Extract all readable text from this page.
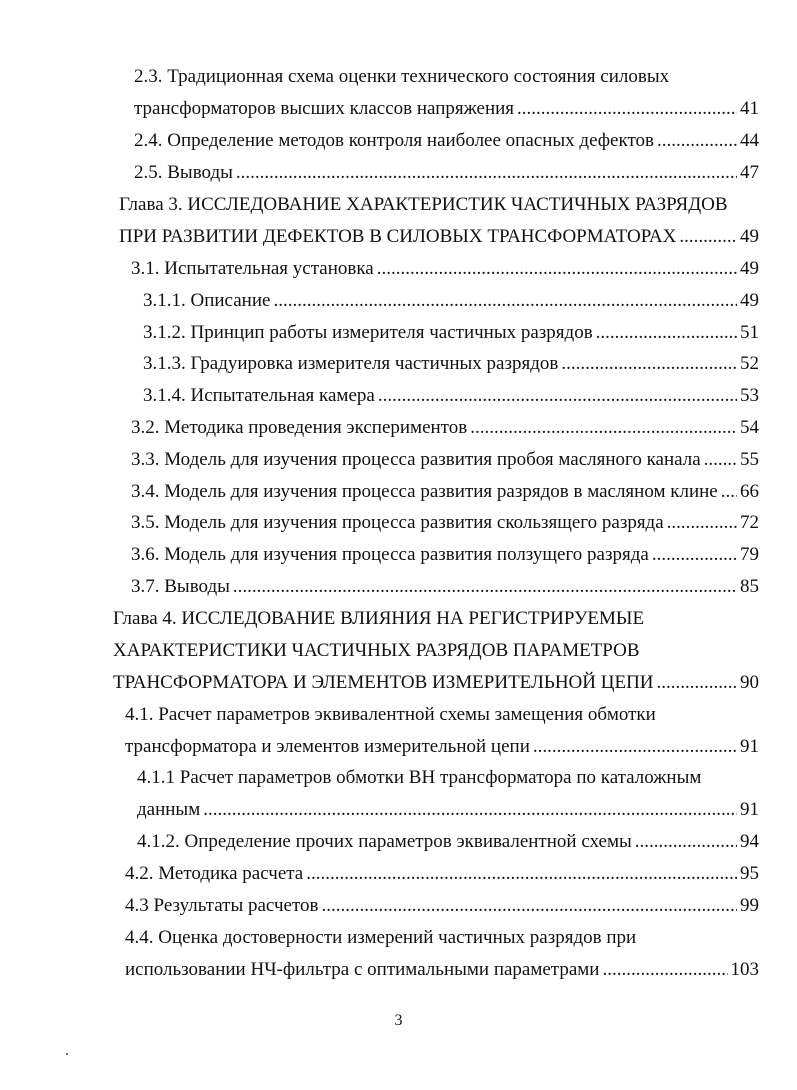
2.3. Традиционная схема оценки технического состояния силовых
трансформаторов высших классов напряжения .....	41
2.4. Определение методов контроля наиболее опасных дефектов .....	44
2.5. Выводы .....	47
Глава 3. ИССЛЕДОВАНИЕ ХАРАКТЕРИСТИК ЧАСТИЧНЫХ РАЗРЯДОВ
ПРИ РАЗВИТИИ ДЕФЕКТОВ В СИЛОВЫХ ТРАНСФОРМАТОРАХ .....	49
3.1. Испытательная установка .....	49
3.1.1. Описание .....	49
3.1.2. Принцип работы измерителя частичных разрядов .....	51
3.1.3. Градуировка измерителя частичных разрядов .....	52
3.1.4. Испытательная камера .....	53
3.2. Методика проведения экспериментов .....	54
3.3. Модель для изучения процесса развития пробоя масляного канала ..... 55
3.4. Модель для изучения процесса развития разрядов в масляном клине ..... 66
3.5. Модель для изучения процесса развития скользящего разряда .....	72
3.6. Модель для изучения процесса развития ползущего разряда .....	79
3.7. Выводы .....	85
Глава 4. ИССЛЕДОВАНИЕ ВЛИЯНИЯ НА РЕГИСТРИРУЕМЫЕ
ХАРАКТЕРИСТИКИ ЧАСТИЧНЫХ РАЗРЯДОВ ПАРАМЕТРОВ
ТРАНСФОРМАТОРА И ЭЛЕМЕНТОВ ИЗМЕРИТЕЛЬНОЙ ЦЕПИ .....	90
4.1. Расчет параметров эквивалентной схемы замещения обмотки
трансформатора и элементов измерительной цепи .....	91
4.1.1 Расчет параметров обмотки ВН трансформатора по каталожным
данным .....	91
4.1.2. Определение прочих параметров эквивалентной схемы .....	94
4.2. Методика расчета .....	95
4.3 Результаты расчетов .....	99
4.4. Оценка достоверности измерений частичных разрядов при
использовании НЧ-фильтра с оптимальными параметрами .....	103
3
